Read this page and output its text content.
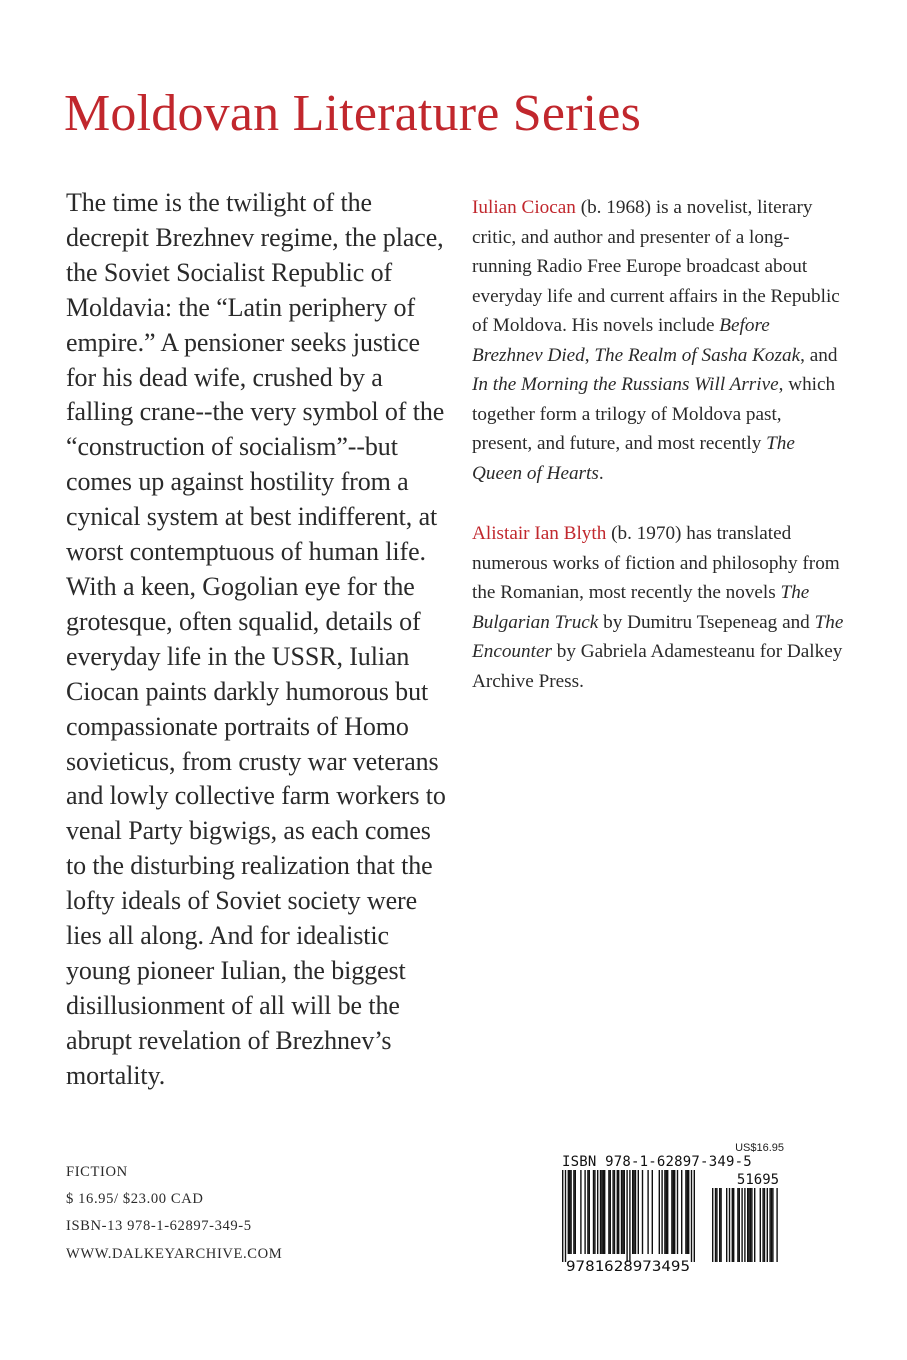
Moldovan Literature Series

The time is the twilight of the decrepit Brezhnev regime, the place, the Soviet Socialist Republic of Moldavia: the “Latin periphery of empire.” A pensioner seeks justice for his dead wife, crushed by a falling crane--the very symbol of the “construction of socialism”--but comes up against hostility from a cynical system at best indifferent, at worst contemptuous of human life. With a keen, Gogolian eye for the grotesque, often squalid, details of everyday life in the USSR, Iulian Ciocan paints darkly humorous but compassionate portraits of Homo sovieticus, from crusty war veterans and lowly collective farm workers to venal Party bigwigs, as each comes to the disturbing realization that the lofty ideals of Soviet society were lies all along. And for idealistic young pioneer Iulian, the biggest disillusionment of all will be the abrupt revelation of Brezhnev’s mortality.

Iulian Ciocan (b. 1968) is a novelist, literary critic, and author and presenter of a long-running Radio Free Europe broadcast about everyday life and current affairs in the Republic of Moldova. His novels include Before Brezhnev Died, The Realm of Sasha Kozak, and In the Morning the Russians Will Arrive, which together form a trilogy of Moldova past, present, and future, and most recently The Queen of Hearts.

Alistair Ian Blyth (b. 1970) has translated numerous works of fiction and philosophy from the Romanian, most recently the novels The Bulgarian Truck by Dumitru Tsepeneag and The Encounter by Gabriela Adamesteanu for Dalkey Archive Press.

FICTION
$ 16.95/ $23.00 CAD
ISBN-13 978-1-62897-349-5
WWW.DALKEYARCHIVE.COM
US$16.95
ISBN 978-1-62897-349-5
51695
9781628973495
